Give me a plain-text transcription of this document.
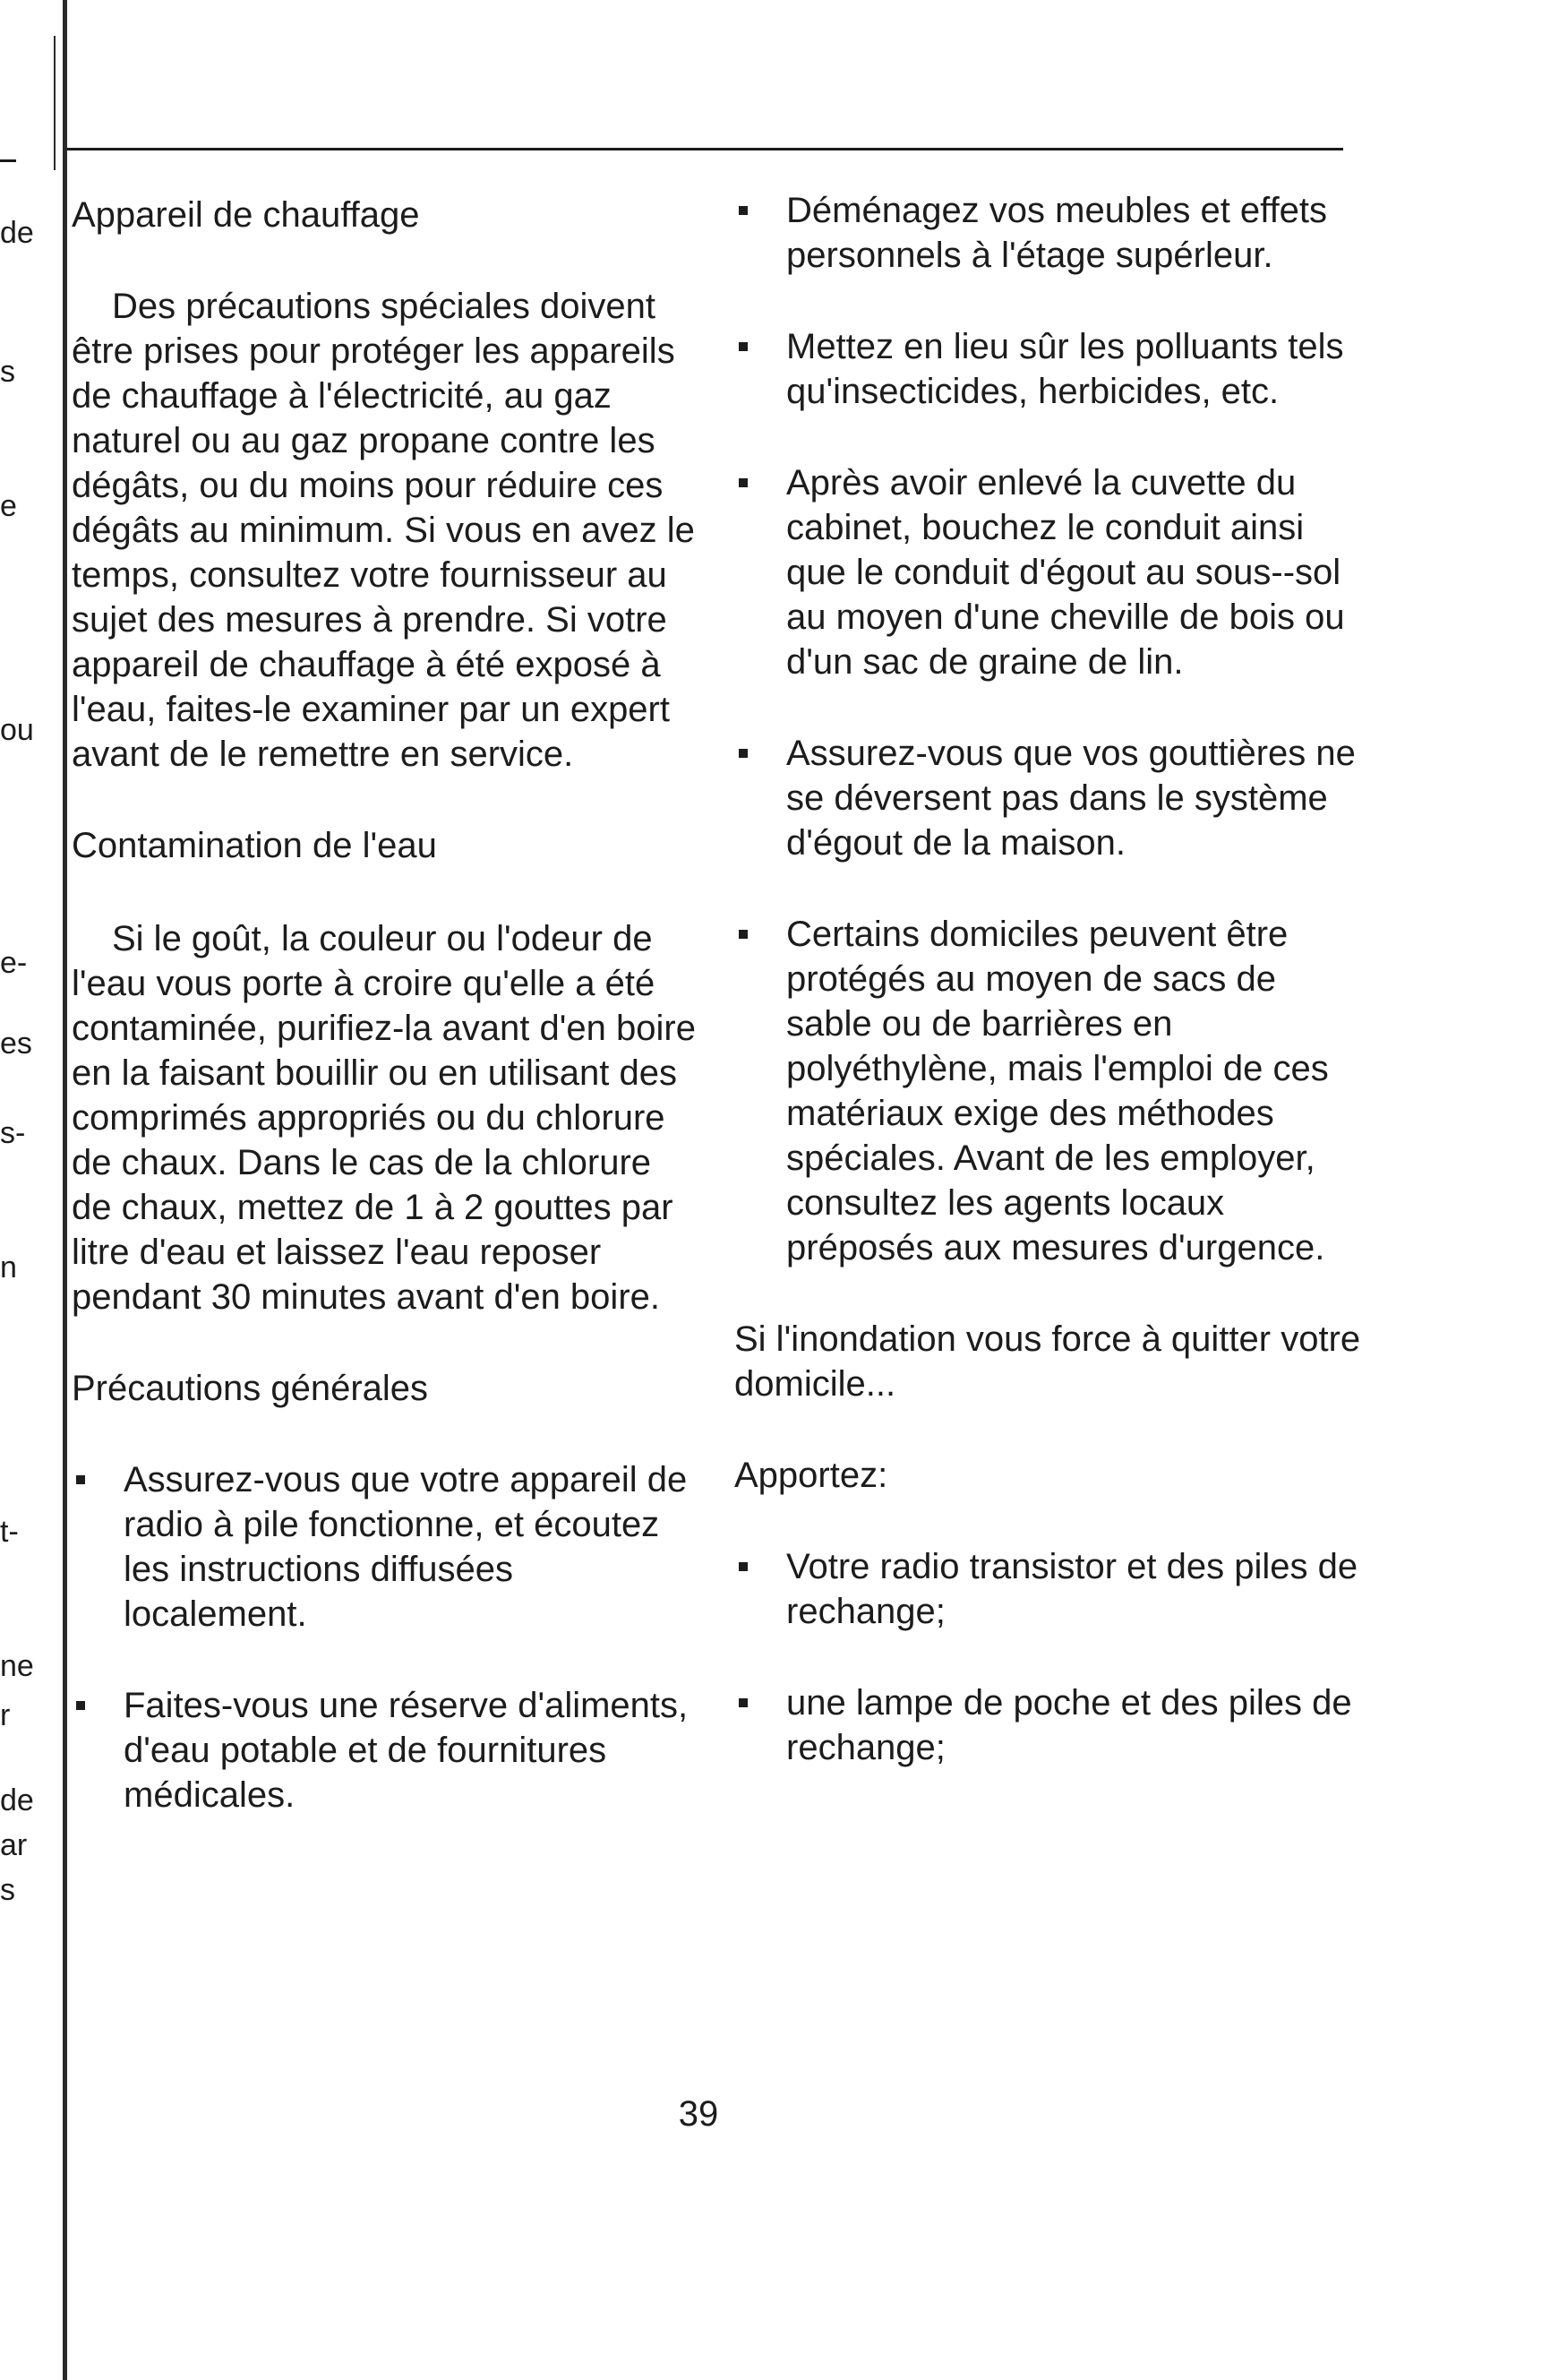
de
s
e
ou
e-
es
s-
n
t-
ne
r
de
ar
s
Appareil de chauffage

Des précautions spéciales doivent être prises pour protéger les appareils de chauffage à l'électricité, au gaz naturel ou au gaz propane contre les dégâts, ou du moins pour réduire ces dégâts au minimum. Si vous en avez le temps, consultez votre fournisseur au sujet des mesures à prendre. Si votre appareil de chauffage à été exposé à l'eau, faites-le examiner par un expert avant de le remettre en service.

Contamination de l'eau

Si le goût, la couleur ou l'odeur de l'eau vous porte à croire qu'elle a été contaminée, purifiez-la avant d'en boire en la faisant bouillir ou en utilisant des comprimés appropriés ou du chlorure de chaux. Dans le cas de la chlorure de chaux, mettez de 1 à 2 gouttes par litre d'eau et laissez l'eau reposer pendant 30 minutes avant d'en boire.

Précautions générales
Assurez-vous que votre appareil de radio à pile fonctionne, et écoutez les instructions diffusées localement.
Faites-vous une réserve d'aliments, d'eau potable et de fournitures médicales.
Déménagez vos meubles et effets personnels à l'étage supérleur.
Mettez en lieu sûr les polluants tels qu'insecticides, herbicides, etc.
Après avoir enlevé la cuvette du cabinet, bouchez le conduit ainsi que le conduit d'égout au sous--sol au moyen d'une cheville de bois ou d'un sac de graine de lin.
Assurez-vous que vos gouttières ne se déversent pas dans le système d'égout de la maison.
Certains domiciles peuvent être protégés au moyen de sacs de sable ou de barrières en polyéthylène, mais l'emploi de ces matériaux exige des méthodes spéciales. Avant de les employer, consultez les agents locaux préposés aux mesures d'urgence.

Si l'inondation vous force à quitter votre domicile...

Apportez:

Votre radio transistor et des piles de rechange;
une lampe de poche et des piles de rechange;
39
